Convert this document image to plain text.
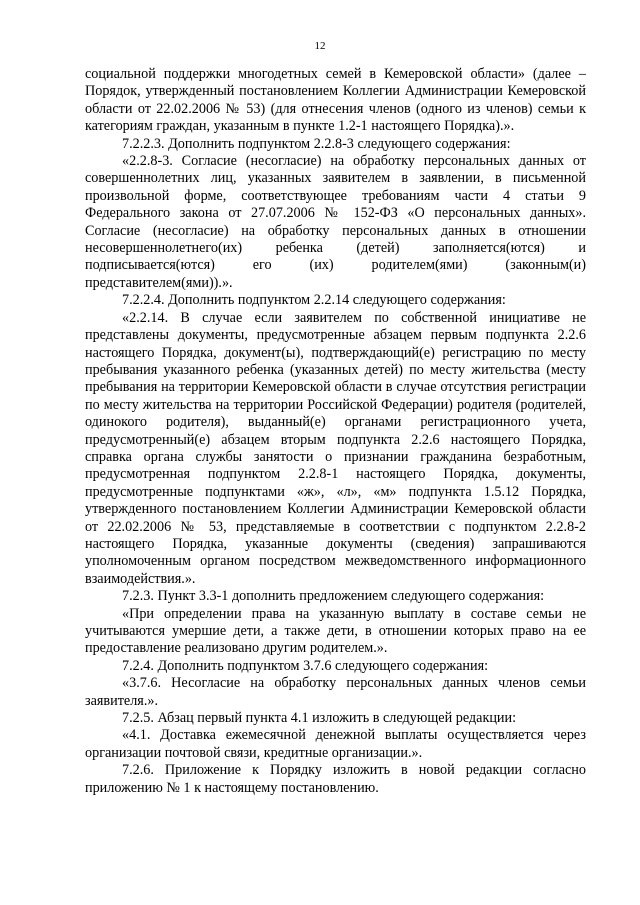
12

социальной поддержки многодетных семей в Кемеровской области» (далее – Порядок, утвержденный постановлением Коллегии Администрации Кемеровской области от 22.02.2006 № 53) (для отнесения членов (одного из членов) семьи к категориям граждан, указанным в пункте 1.2-1 настоящего Порядка).».

7.2.2.3. Дополнить подпунктом 2.2.8-3 следующего содержания:

«2.2.8-3. Согласие (несогласие) на обработку персональных данных от совершеннолетних лиц, указанных заявителем в заявлении, в письменной произвольной форме, соответствующее требованиям части 4 статьи 9 Федерального закона от 27.07.2006 № 152-ФЗ «О персональных данных». Согласие (несогласие) на обработку персональных данных в отношении несовершеннолетнего(их) ребенка (детей) заполняется(ются) и подписывается(ются) его (их) родителем(ями) (законным(и) представителем(ями)).».

7.2.2.4. Дополнить подпунктом 2.2.14 следующего содержания:

«2.2.14. В случае если заявителем по собственной инициативе не представлены документы, предусмотренные абзацем первым подпункта 2.2.6 настоящего Порядка, документ(ы), подтверждающий(е) регистрацию по месту пребывания указанного ребенка (указанных детей) по месту жительства (месту пребывания на территории Кемеровской области в случае отсутствия регистрации по месту жительства на территории Российской Федерации) родителя (родителей, одинокого родителя), выданный(е) органами регистрационного учета, предусмотренный(е) абзацем вторым подпункта 2.2.6 настоящего Порядка, справка органа службы занятости о признании гражданина безработным, предусмотренная подпунктом 2.2.8-1 настоящего Порядка, документы, предусмотренные подпунктами «ж», «л», «м» подпункта 1.5.12 Порядка, утвержденного постановлением Коллегии Администрации Кемеровской области от 22.02.2006 № 53, представляемые в соответствии с подпунктом 2.2.8-2 настоящего Порядка, указанные документы (сведения) запрашиваются уполномоченным органом посредством межведомственного информационного взаимодействия.».

7.2.3. Пункт 3.3-1 дополнить предложением следующего содержания:

«При определении права на указанную выплату в составе семьи не учитываются умершие дети, а также дети, в отношении которых право на ее предоставление реализовано другим родителем.».

7.2.4. Дополнить подпунктом 3.7.6 следующего содержания:

«3.7.6. Несогласие на обработку персональных данных членов семьи заявителя.».

7.2.5. Абзац первый пункта 4.1 изложить в следующей редакции:

«4.1. Доставка ежемесячной денежной выплаты осуществляется через организации почтовой связи, кредитные организации.».

7.2.6. Приложение к Порядку изложить в новой редакции согласно приложению № 1 к настоящему постановлению.
